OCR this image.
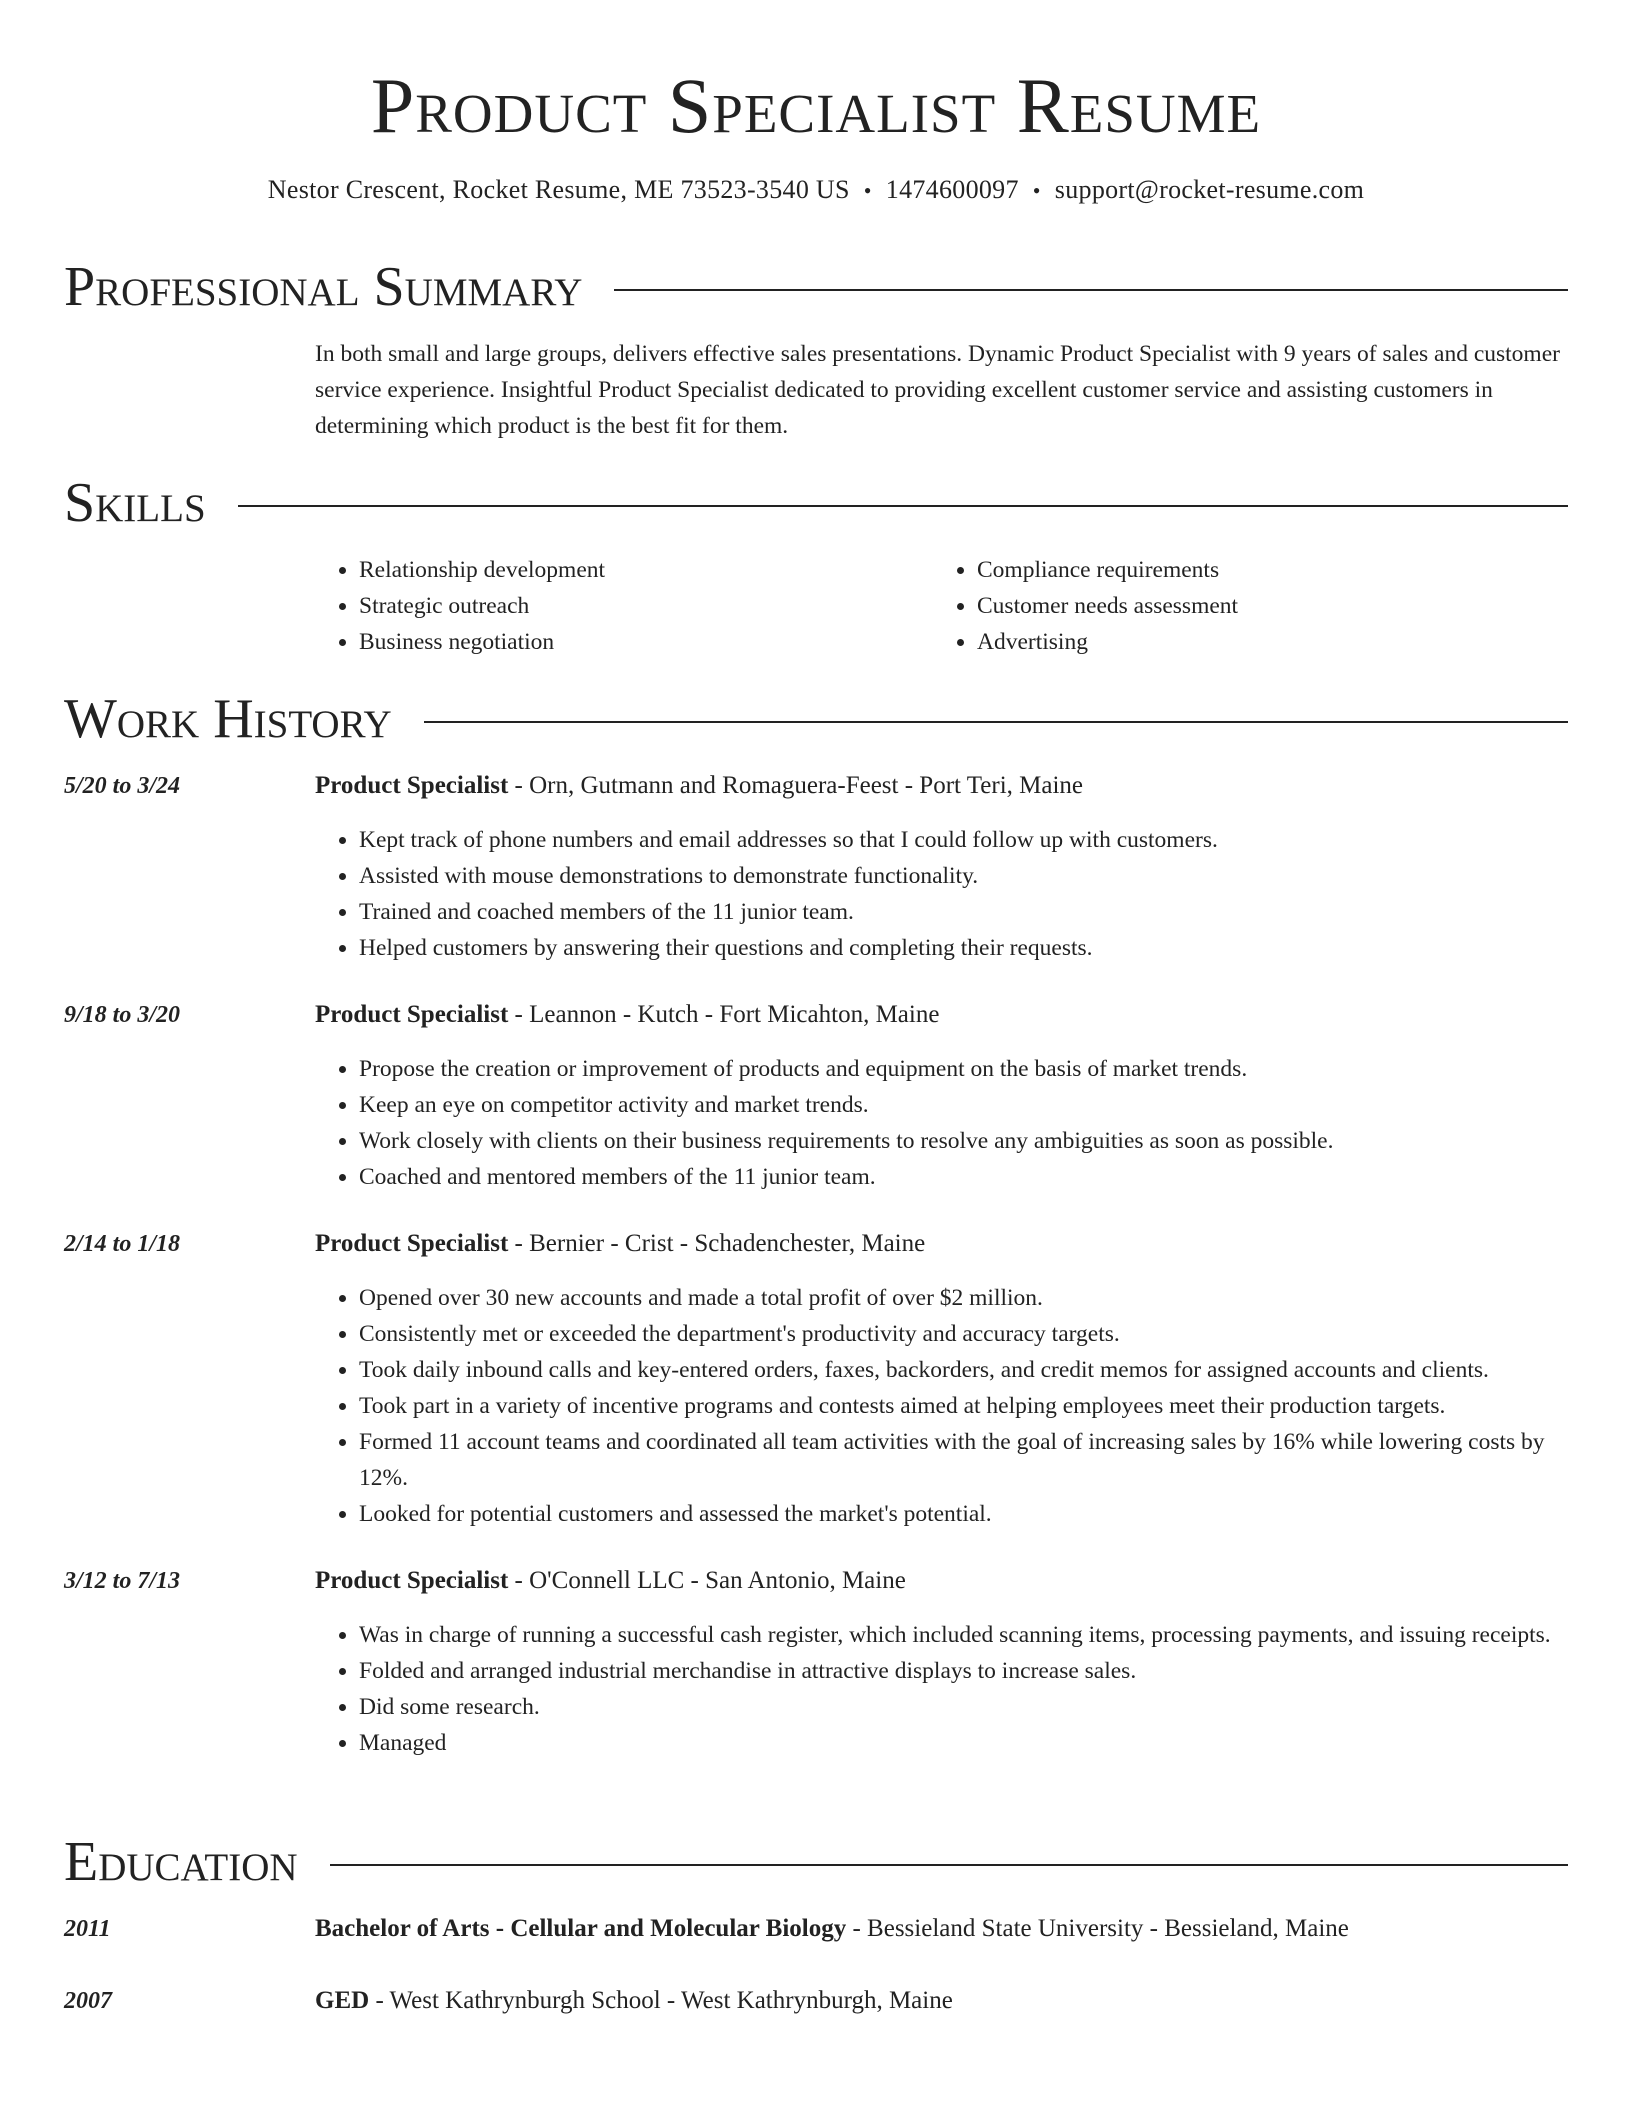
Product Specialist Resume
Nestor Crescent, Rocket Resume, ME 73523-3540 US • 1474600097 • support@rocket-resume.com
Professional Summary
In both small and large groups, delivers effective sales presentations. Dynamic Product Specialist with 9 years of sales and customer service experience. Insightful Product Specialist dedicated to providing excellent customer service and assisting customers in determining which product is the best fit for them.
Skills
• Relationship development
• Strategic outreach
• Business negotiation
• Compliance requirements
• Customer needs assessment
• Advertising
Work History
5/20 to 3/24	Product Specialist - Orn, Gutmann and Romaguera-Feest - Port Teri, Maine
• Kept track of phone numbers and email addresses so that I could follow up with customers.
• Assisted with mouse demonstrations to demonstrate functionality.
• Trained and coached members of the 11 junior team.
• Helped customers by answering their questions and completing their requests.
9/18 to 3/20	Product Specialist - Leannon - Kutch - Fort Micahton, Maine
• Propose the creation or improvement of products and equipment on the basis of market trends.
• Keep an eye on competitor activity and market trends.
• Work closely with clients on their business requirements to resolve any ambiguities as soon as possible.
• Coached and mentored members of the 11 junior team.
2/14 to 1/18	Product Specialist - Bernier - Crist - Schadenchester, Maine
• Opened over 30 new accounts and made a total profit of over $2 million.
• Consistently met or exceeded the department's productivity and accuracy targets.
• Took daily inbound calls and key-entered orders, faxes, backorders, and credit memos for assigned accounts and clients.
• Took part in a variety of incentive programs and contests aimed at helping employees meet their production targets.
• Formed 11 account teams and coordinated all team activities with the goal of increasing sales by 16% while lowering costs by 12%.
• Looked for potential customers and assessed the market's potential.
3/12 to 7/13	Product Specialist - O'Connell LLC - San Antonio, Maine
• Was in charge of running a successful cash register, which included scanning items, processing payments, and issuing receipts.
• Folded and arranged industrial merchandise in attractive displays to increase sales.
• Did some research.
• Managed
Education
2011	Bachelor of Arts - Cellular and Molecular Biology - Bessieland State University - Bessieland, Maine
2007	GED - West Kathrynburgh School - West Kathrynburgh, Maine
